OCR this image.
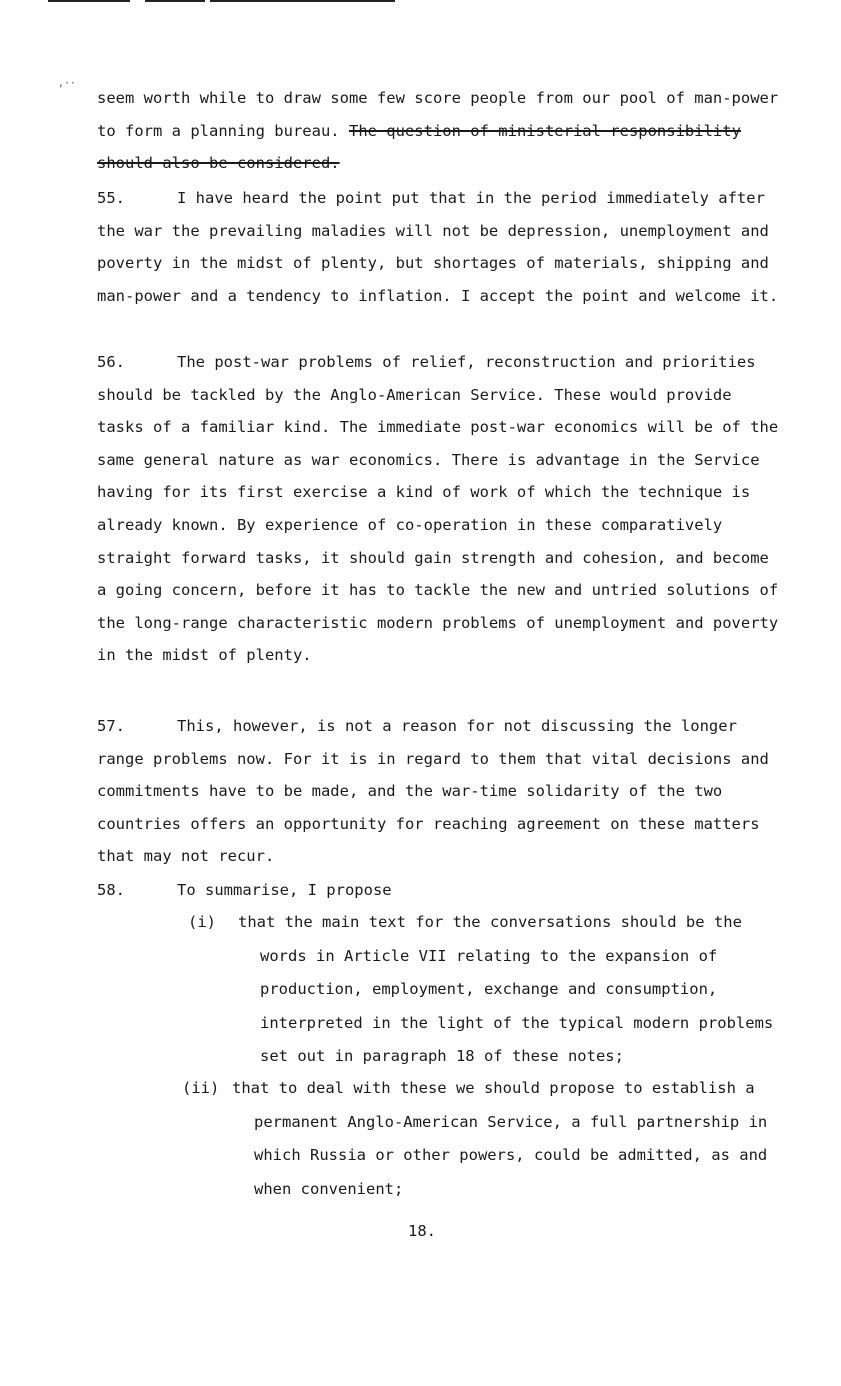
,··

seem worth while to draw some few score people from our pool of man-power to form a planning bureau. The question of ministerial responsibility should also be considered.

55.	I have heard the point put that in the period immediately after the war the prevailing maladies will not be depression, unemployment and poverty in the midst of plenty, but shortages of materials, shipping and man-power and a tendency to inflation. I accept the point and welcome it.

56.	The post-war problems of relief, reconstruction and priorities should be tackled by the Anglo-American Service. These would provide tasks of a familiar kind. The immediate post-war economics will be of the same general nature as war economics. There is advantage in the Service having for its first exercise a kind of work of which the technique is already known. By experience of co-operation in these comparatively straight forward tasks, it should gain strength and cohesion, and become a going concern, before it has to tackle the new and untried solutions of the long-range characteristic modern problems of unemployment and poverty in the midst of plenty.

57.	This, however, is not a reason for not discussing the longer range problems now. For it is in regard to them that vital decisions and commitments have to be made, and the war-time solidarity of the two countries offers an opportunity for reaching agreement on these matters that may not recur.

58.	To summarise, I propose

(i)	that the main text for the conversations should be the words in Article VII relating to the expansion of production, employment, exchange and consumption, interpreted in the light of the typical modern problems set out in paragraph 18 of these notes;
(ii) that to deal with these we should propose to establish a permanent Anglo-American Service, a full partnership in which Russia or other powers, could be admitted, as and when convenient;
18.
